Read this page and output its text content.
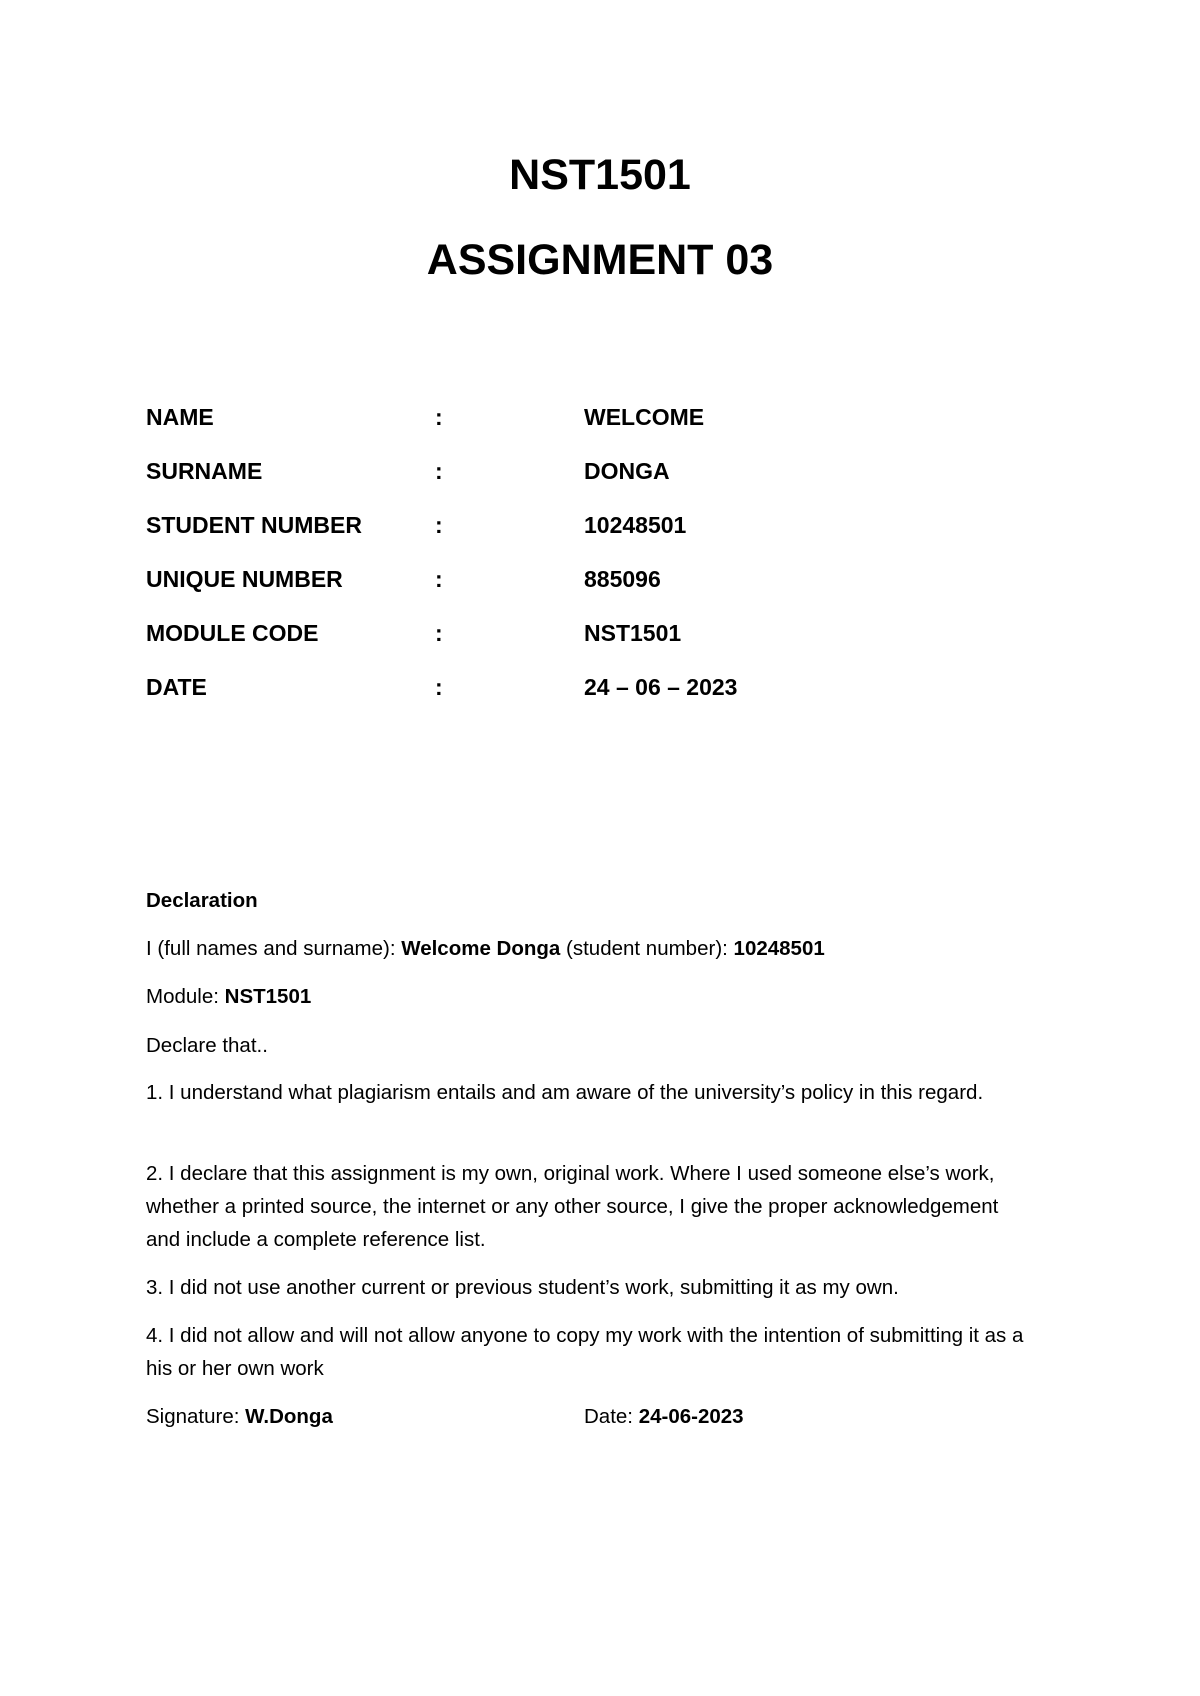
NST1501
ASSIGNMENT 03
NAME	:	WELCOME
SURNAME	:	DONGA
STUDENT NUMBER	:	10248501
UNIQUE NUMBER	:	885096
MODULE CODE	:	NST1501
DATE	:	24 – 06 – 2023
Declaration
I (full names and surname): Welcome Donga (student number): 10248501
Module: NST1501
Declare that..
1. I understand what plagiarism entails and am aware of the university’s policy in this regard.
2. I declare that this assignment is my own, original work. Where I used someone else’s work, whether a printed source, the internet or any other source, I give the proper acknowledgement and include a complete reference list.
3. I did not use another current or previous student’s work, submitting it as my own.
4. I did not allow and will not allow anyone to copy my work with the intention of submitting it as a his or her own work
Signature: W.Donga	Date: 24-06-2023
